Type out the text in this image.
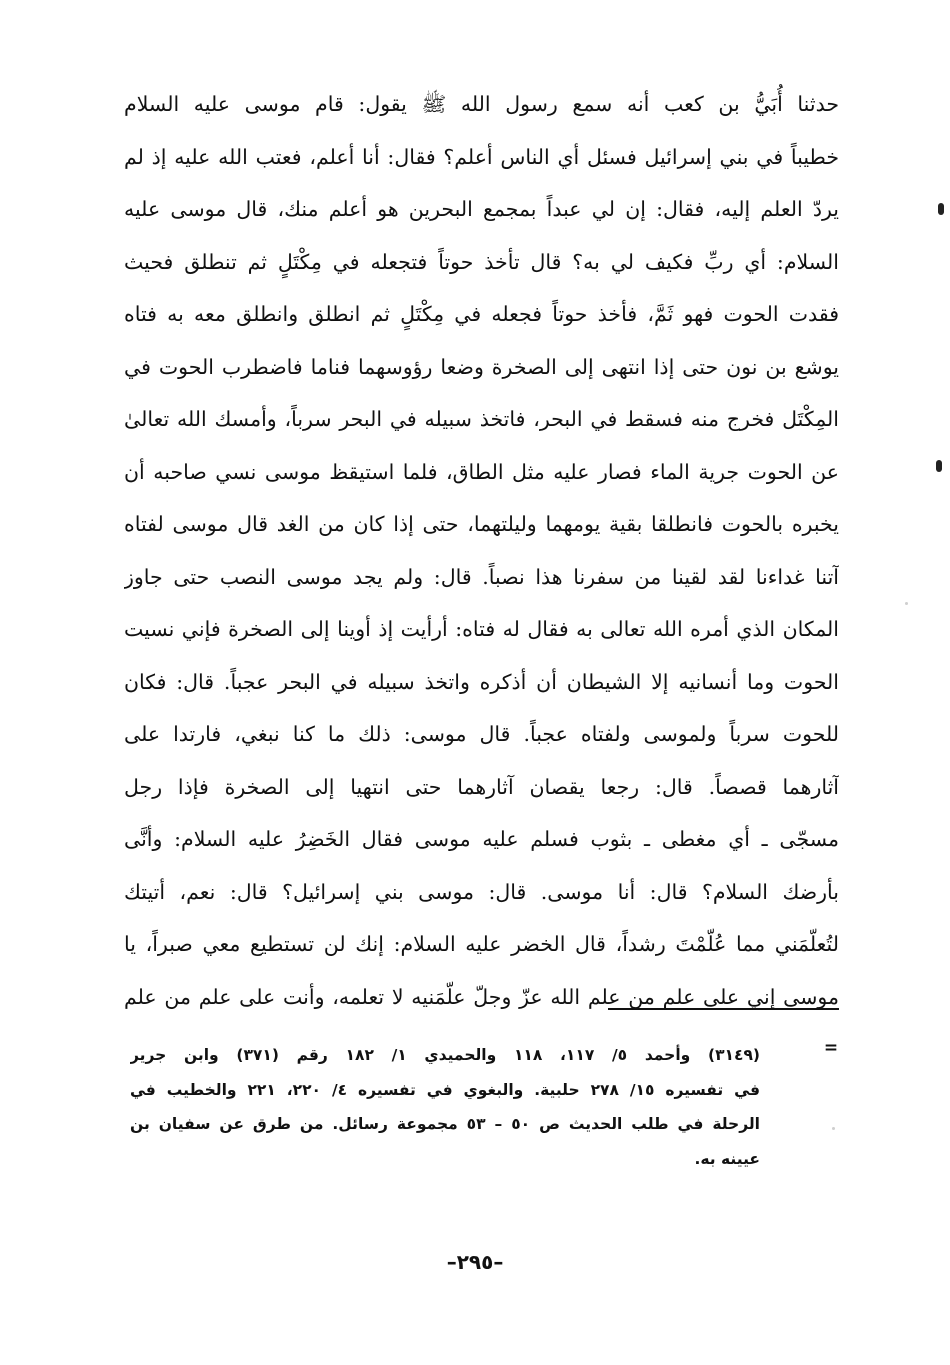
حدثنا أُبَيُّ بن كعب أنه سمع رسول الله ﷺ يقول: قام موسى عليه السلام
خطيباً في بني إسرائيل فسئل أي الناس أعلم؟ فقال: أنا أعلم، فعتب الله عليه إذ لم
يردّ العلم إليه، فقال: إن لي عبداً بمجمع البحرين هو أعلم منك، قال موسى عليه
السلام: أي ربِّ فكيف لي به؟ قال تأخذ حوتاً فتجعله في مِكْتَلٍ ثم تنطلق فحيث
فقدت الحوت فهو ثَمَّ، فأخذ حوتاً فجعله في مِكْتَلٍ ثم انطلق وانطلق معه به فتاه
يوشع بن نون حتى إذا انتهى إلى الصخرة وضعا رؤوسهما فناما فاضطرب الحوت في
المِكْتَل فخرج منه فسقط في البحر، فاتخذ سبيله في البحر سرباً، وأمسك الله تعالىٰ
عن الحوت جرية الماء فصار عليه مثل الطاق، فلما استيقظ موسى نسي صاحبه أن
يخبره بالحوت فانطلقا بقية يومهما وليلتهما، حتى إذا كان من الغد قال موسى لفتاه
آتنا غداءنا لقد لقينا من سفرنا هذا نصباً. قال: ولم يجد موسى النصب حتى جاوز
المكان الذي أمره الله تعالى به فقال له فتاه: أرأيت إذ أوينا إلى الصخرة فإني نسيت
الحوت وما أنسانيه إلا الشيطان أن أذكره واتخذ سبيله في البحر عجباً. قال: فكان
للحوت سرباً ولموسى ولفتاه عجباً. قال موسى: ذلك ما كنا نبغي، فارتدا على
آثارهما قصصاً. قال: رجعا يقصان آثارهما حتى انتهيا إلى الصخرة فإذا رجل
مسجّى ـ أي مغطى ـ بثوب فسلم عليه موسى فقال الخَضِرُ عليه السلام: وأنَّى
بأرضك السلام؟ قال: أنا موسى. قال: موسى بني إسرائيل؟ قال: نعم، أتيتك
لتُعلّمَني مما عُلّمْتَ رشداً، قال الخضر عليه السلام: إنك لن تستطيع معي صبراً، يا
موسى إني على علم من علم الله عزّ وجلّ علّمَنيه لا تعلمه، وأنت على علم من علم
=
(٣١٤٩) وأحمد ٥/ ١١٧، ١١٨ والحميدي ١/ ١٨٢ رقم (٣٧١) وابن جرير
في تفسيره ١٥/ ٢٧٨ حلبية. والبغوي في تفسيره ٤/ ٢٢٠، ٢٢١ والخطيب في
الرحلة في طلب الحديث ص ٥٠ – ٥٣ مجموعة رسائل. من طرق عن سفيان بن
عيينه به.
–٢٩٥–
